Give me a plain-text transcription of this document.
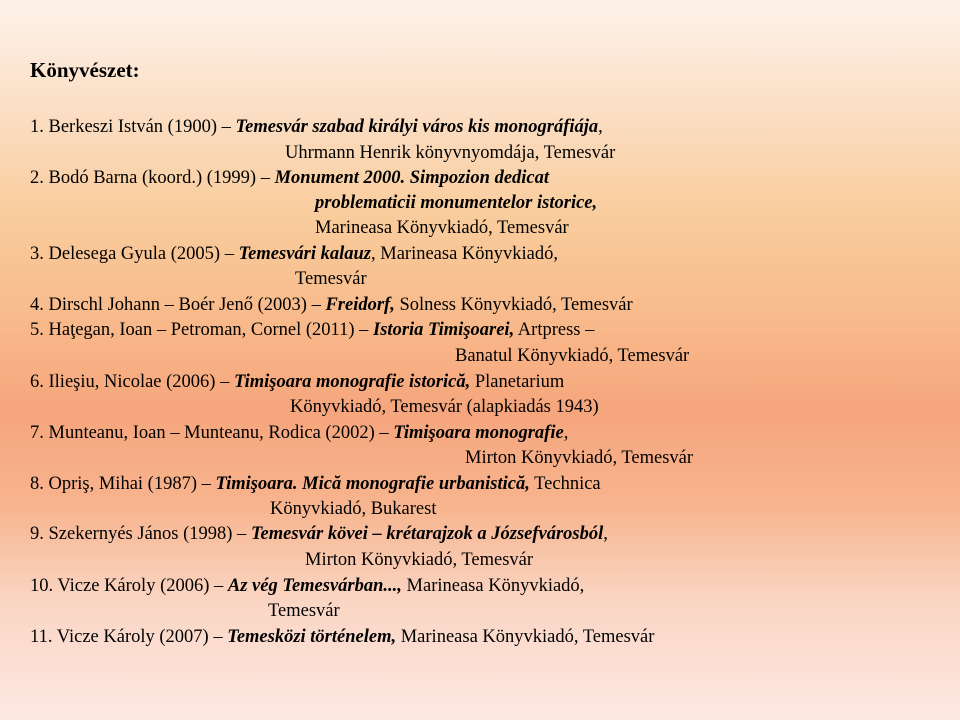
Könyvészet:
1. Berkeszi István (1900) – Temesvár szabad királyi város kis monográfiája,
Uhrmann Henrik könyvnyomdája, Temesvár
2. Bodó Barna (koord.) (1999) – Monument 2000. Simpozion dedicat
problematicii monumentelor istorice,
Marineasa Könyvkiadó, Temesvár
3. Delesega Gyula (2005) – Temesvári kalauz, Marineasa Könyvkiadó,
Temesvár
4. Dirschl Johann – Boér Jenő (2003) – Freidorf, Solness Könyvkiadó, Temesvár
5. Haţegan, Ioan – Petroman, Cornel (2011) – Istoria Timişoarei, Artpress –
Banatul Könyvkiadó, Temesvár
6. Ilieşiu, Nicolae (2006) – Timişoara monografie istorică, Planetarium
Könyvkiadó, Temesvár (alapkiadás 1943)
7. Munteanu, Ioan – Munteanu, Rodica (2002) – Timişoara monografie,
Mirton Könyvkiadó, Temesvár
8. Opriş, Mihai (1987) – Timişoara. Mică monografie urbanistică, Technica
Könyvkiadó, Bukarest
9. Szekernyés János (1998) – Temesvár kövei – krétarajzok a Józsefvárosból,
Mirton Könyvkiadó, Temesvár
10. Vicze Károly (2006) – Az vég Temesvárban..., Marineasa Könyvkiadó,
Temesvár
11. Vicze Károly (2007) – Temesközi történelem, Marineasa Könyvkiadó, Temesvár
